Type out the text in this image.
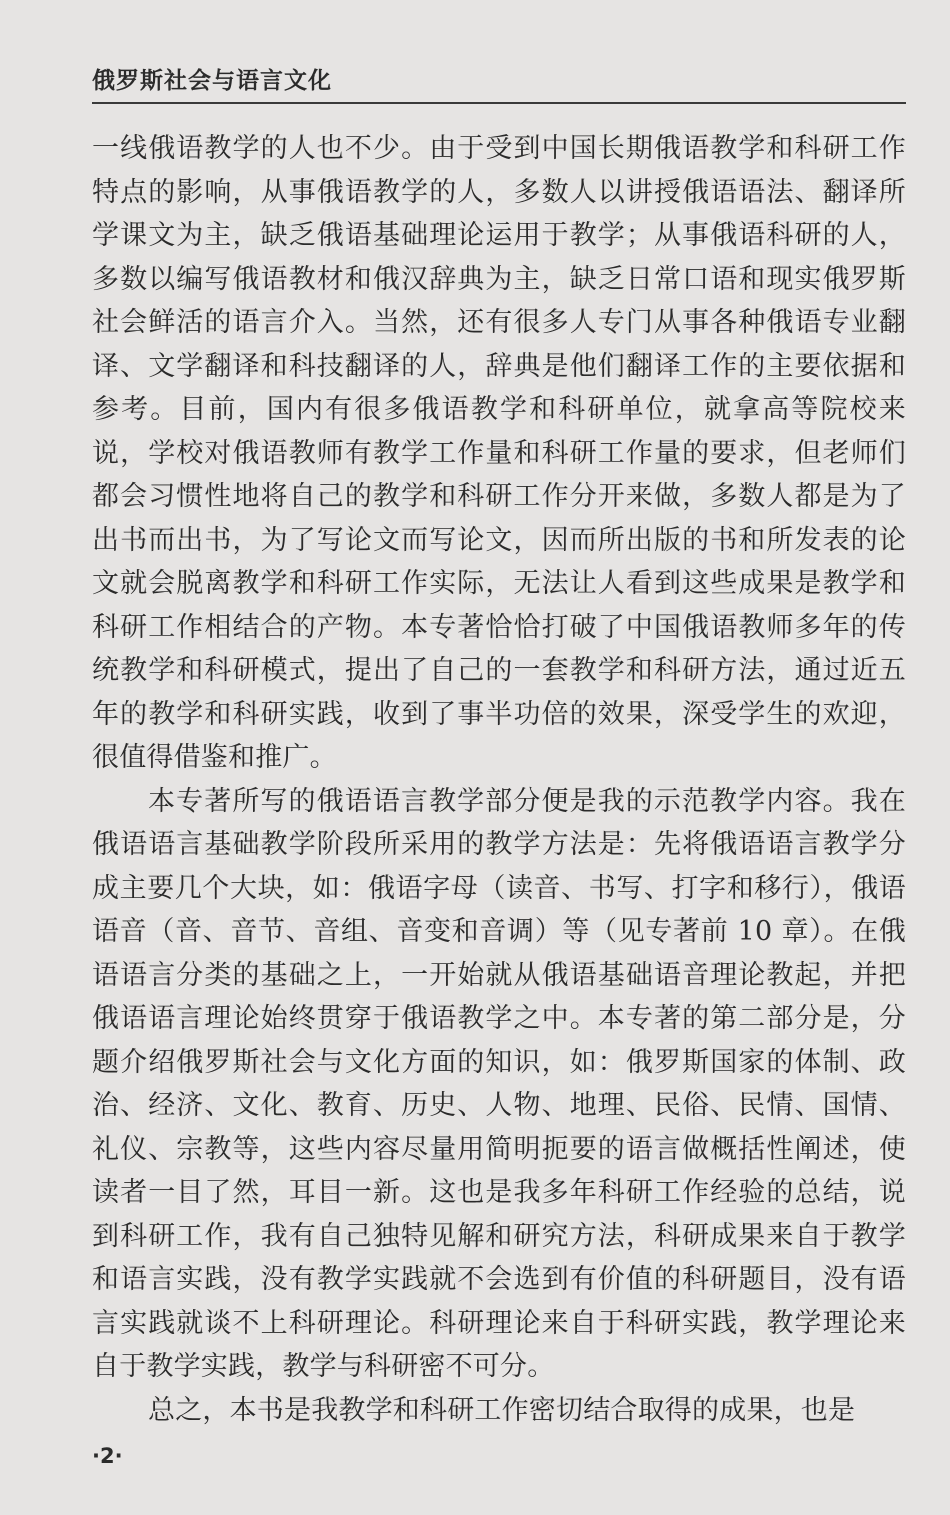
俄罗斯社会与语言文化

一线俄语教学的人也不少。由于受到中国长期俄语教学和科研工作特点的影响，从事俄语教学的人，多数人以讲授俄语语法、翻译所学课文为主，缺乏俄语基础理论运用于教学；从事俄语科研的人，多数以编写俄语教材和俄汉辞典为主，缺乏日常口语和现实俄罗斯社会鲜活的语言介入。当然，还有很多人专门从事各种俄语专业翻译、文学翻译和科技翻译的人，辞典是他们翻译工作的主要依据和参考。目前，国内有很多俄语教学和科研单位，就拿高等院校来说，学校对俄语教师有教学工作量和科研工作量的要求，但老师们都会习惯性地将自己的教学和科研工作分开来做，多数人都是为了出书而出书，为了写论文而写论文，因而所出版的书和所发表的论文就会脱离教学和科研工作实际，无法让人看到这些成果是教学和科研工作相结合的产物。本专著恰恰打破了中国俄语教师多年的传统教学和科研模式，提出了自己的一套教学和科研方法，通过近五年的教学和科研实践，收到了事半功倍的效果，深受学生的欢迎，很值得借鉴和推广。

本专著所写的俄语语言教学部分便是我的示范教学内容。我在俄语语言基础教学阶段所采用的教学方法是：先将俄语语言教学分成主要几个大块，如：俄语字母（读音、书写、打字和移行），俄语语音（音、音节、音组、音变和音调）等（见专著前 10 章）。在俄语语言分类的基础之上，一开始就从俄语基础语音理论教起，并把俄语语言理论始终贯穿于俄语教学之中。本专著的第二部分是，分题介绍俄罗斯社会与文化方面的知识，如：俄罗斯国家的体制、政治、经济、文化、教育、历史、人物、地理、民俗、民情、国情、礼仪、宗教等，这些内容尽量用简明扼要的语言做概括性阐述，使读者一目了然，耳目一新。这也是我多年科研工作经验的总结，说到科研工作，我有自己独特见解和研究方法，科研成果来自于教学和语言实践，没有教学实践就不会选到有价值的科研题目，没有语言实践就谈不上科研理论。科研理论来自于科研实践，教学理论来自于教学实践，教学与科研密不可分。

总之，本书是我教学和科研工作密切结合取得的成果，也是

·2·
